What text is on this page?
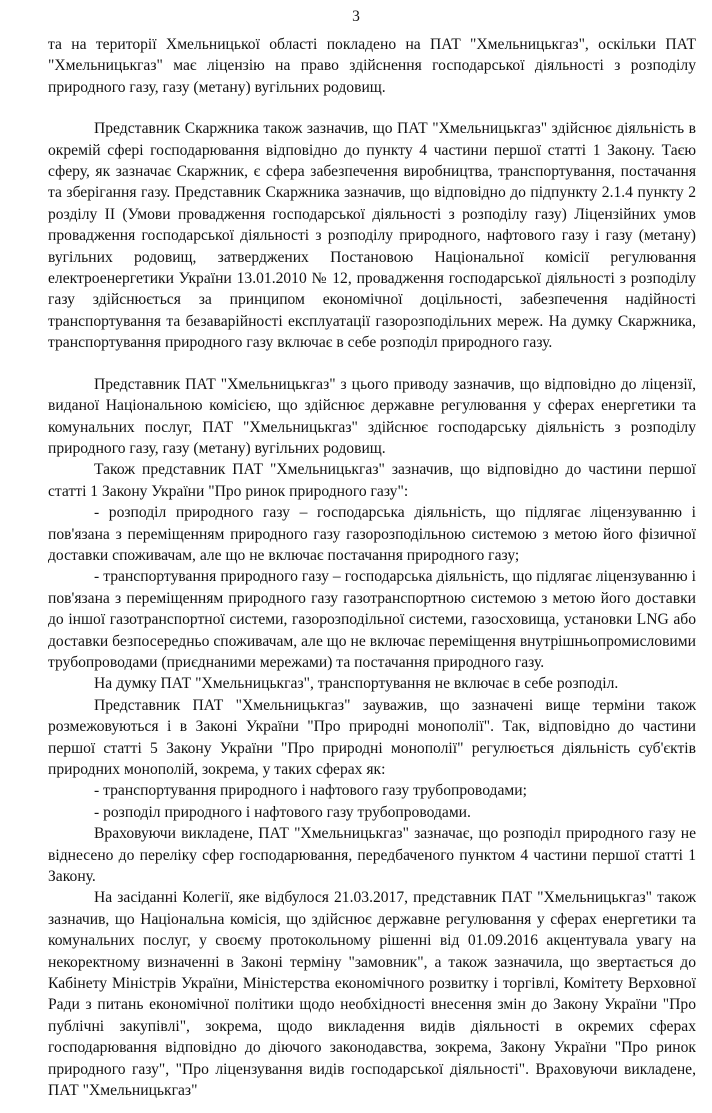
3

та на території Хмельницької області покладено на ПАТ "Хмельницькгаз", оскільки ПАТ "Хмельницькгаз" має ліцензію на право здійснення господарської діяльності з розподілу природного газу, газу (метану) вугільних родовищ.

Представник Скаржника також зазначив, що ПАТ "Хмельницькгаз" здійснює діяльність в окремій сфері господарювання відповідно до пункту 4 частини першої статті 1 Закону. Таєю сферу, як зазначає Скаржник, є сфера забезпечення виробництва, транспортування, постачання та зберігання газу. Представник Скаржника зазначив, що відповідно до підпункту 2.1.4 пункту 2 розділу II (Умови провадження господарської діяльності з розподілу газу) Ліцензійних умов провадження господарської діяльності з розподілу природного, нафтового газу і газу (метану) вугільних родовищ, затверджених Постановою Національної комісії регулювання електроенергетики України 13.01.2010 № 12, провадження господарської діяльності з розподілу газу здійснюється за принципом економічної доцільності, забезпечення надійності транспортування та безаварійності експлуатації газорозподільних мереж. На думку Скаржника, транспортування природного газу включає в себе розподіл природного газу.

Представник ПАТ "Хмельницькгаз" з цього приводу зазначив, що відповідно до ліцензії, виданої Національною комісією, що здійснює державне регулювання у сферах енергетики та комунальних послуг, ПАТ "Хмельницькгаз" здійснює господарську діяльність з розподілу природного газу, газу (метану) вугільних родовищ.

Також представник ПАТ "Хмельницькгаз" зазначив, що відповідно до частини першої статті 1 Закону України "Про ринок природного газу":

- розподіл природного газу – господарська діяльність, що підлягає ліцензуванню і пов'язана з переміщенням природного газу газорозподільною системою з метою його фізичної доставки споживачам, але що не включає постачання природного газу;

- транспортування природного газу – господарська діяльність, що підлягає ліцензуванню і пов'язана з переміщенням природного газу газотранспортною системою з метою його доставки до іншої газотранспортної системи, газорозподільної системи, газосховища, установки LNG або доставки безпосередньо споживачам, але що не включає переміщення внутрішньопромисловими трубопроводами (приєднаними мережами) та постачання природного газу.

На думку ПАТ "Хмельницькгаз", транспортування не включає в себе розподіл.

Представник ПАТ "Хмельницькгаз" зауважив, що зазначені вище терміни також розмежовуються і в Законі України "Про природні монополії". Так, відповідно до частини першої статті 5 Закону України "Про природні монополії" регулюється діяльність суб'єктів природних монополій, зокрема, у таких сферах як:

- транспортування природного і нафтового газу трубопроводами;

- розподіл природного і нафтового газу трубопроводами.

Враховуючи викладене, ПАТ "Хмельницькгаз" зазначає, що розподіл природного газу не віднесено до переліку сфер господарювання, передбаченого пунктом 4 частини першої статті 1 Закону.

На засіданні Колегії, яке відбулося 21.03.2017, представник ПАТ "Хмельницькгаз" також зазначив, що Національна комісія, що здійснює державне регулювання у сферах енергетики та комунальних послуг, у своєму протокольному рішенні від 01.09.2016 акцентувала увагу на некоректному визначенні в Законі терміну "замовник", а також зазначила, що звертається до Кабінету Міністрів України, Міністерства економічного розвитку і торгівлі, Комітету Верховної Ради з питань економічної політики щодо необхідності внесення змін до Закону України "Про публічні закупівлі", зокрема, щодо викладення видів діяльності в окремих сферах господарювання відповідно до діючого законодавства, зокрема, Закону України "Про ринок природного газу", "Про ліцензування видів господарської діяльності". Враховуючи викладене, ПАТ "Хмельницькгаз"
